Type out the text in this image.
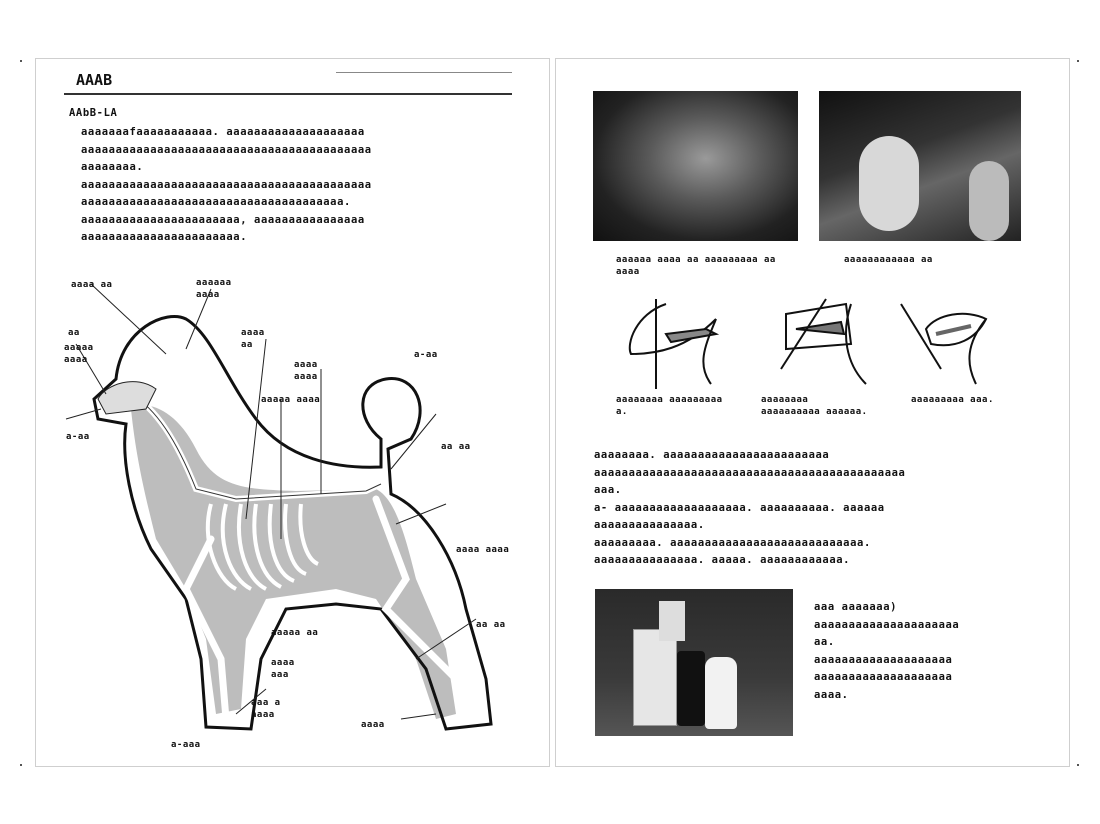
AAAB
AAbB-LA
aaaaaaafaaaaaaaaaaa. aaaaaaaaaaaaaaaaaaaa
aaaaaaaaaaaaaaaaaaaaaaaaaaaaaaaaaaaaaaaaaa
aaaaaaaa.
aaaaaaaaaaaaaaaaaaaaaaaaaaaaaaaaaaaaaaaaaa
aaaaaaaaaaaaaaaaaaaaaaaaaaaaaaaaaaaaaa.
aaaaaaaaaaaaaaaaaaaaaaa, aaaaaaaaaaaaaaaa
aaaaaaaaaaaaaaaaaaaaaaa.
aaaa aa	aaaaaa aaaa
aaaa aa
aa
aaaaa aaaa	aaaa aaaa
aaaaa aaaa
a-aa
a-aa
aa aa
aaaa aaaa
aaaaa aa
aaaa aaa
aa aa
aaa a aaaa
aaaa
a-aaa
aaaaaa aaaa aa aaaaaaaaa aa aaaa
aaaaaaaaaaaa aa
aaaaaaaa aaaaaaaaa a.
aaaaaaaa aaaaaaaaaa aaaaaa.
aaaaaaaaa aaa.
aaaaaaaa. aaaaaaaaaaaaaaaaaaaaaaaa
aaaaaaaaaaaaaaaaaaaaaaaaaaaaaaaaaaaaaaaaaaaaa
aaa.
a- aaaaaaaaaaaaaaaaaaa. aaaaaaaaaa. aaaaaa
aaaaaaaaaaaaaaa.
aaaaaaaaa. aaaaaaaaaaaaaaaaaaaaaaaaaaaa.
aaaaaaaaaaaaaaa. aaaaa. aaaaaaaaaaaa.
aaa aaaaaaa)
aaaaaaaaaaaaaaaaaaaaa
aa.
aaaaaaaaaaaaaaaaaaaa
aaaaaaaaaaaaaaaaaaaa
aaaa.
